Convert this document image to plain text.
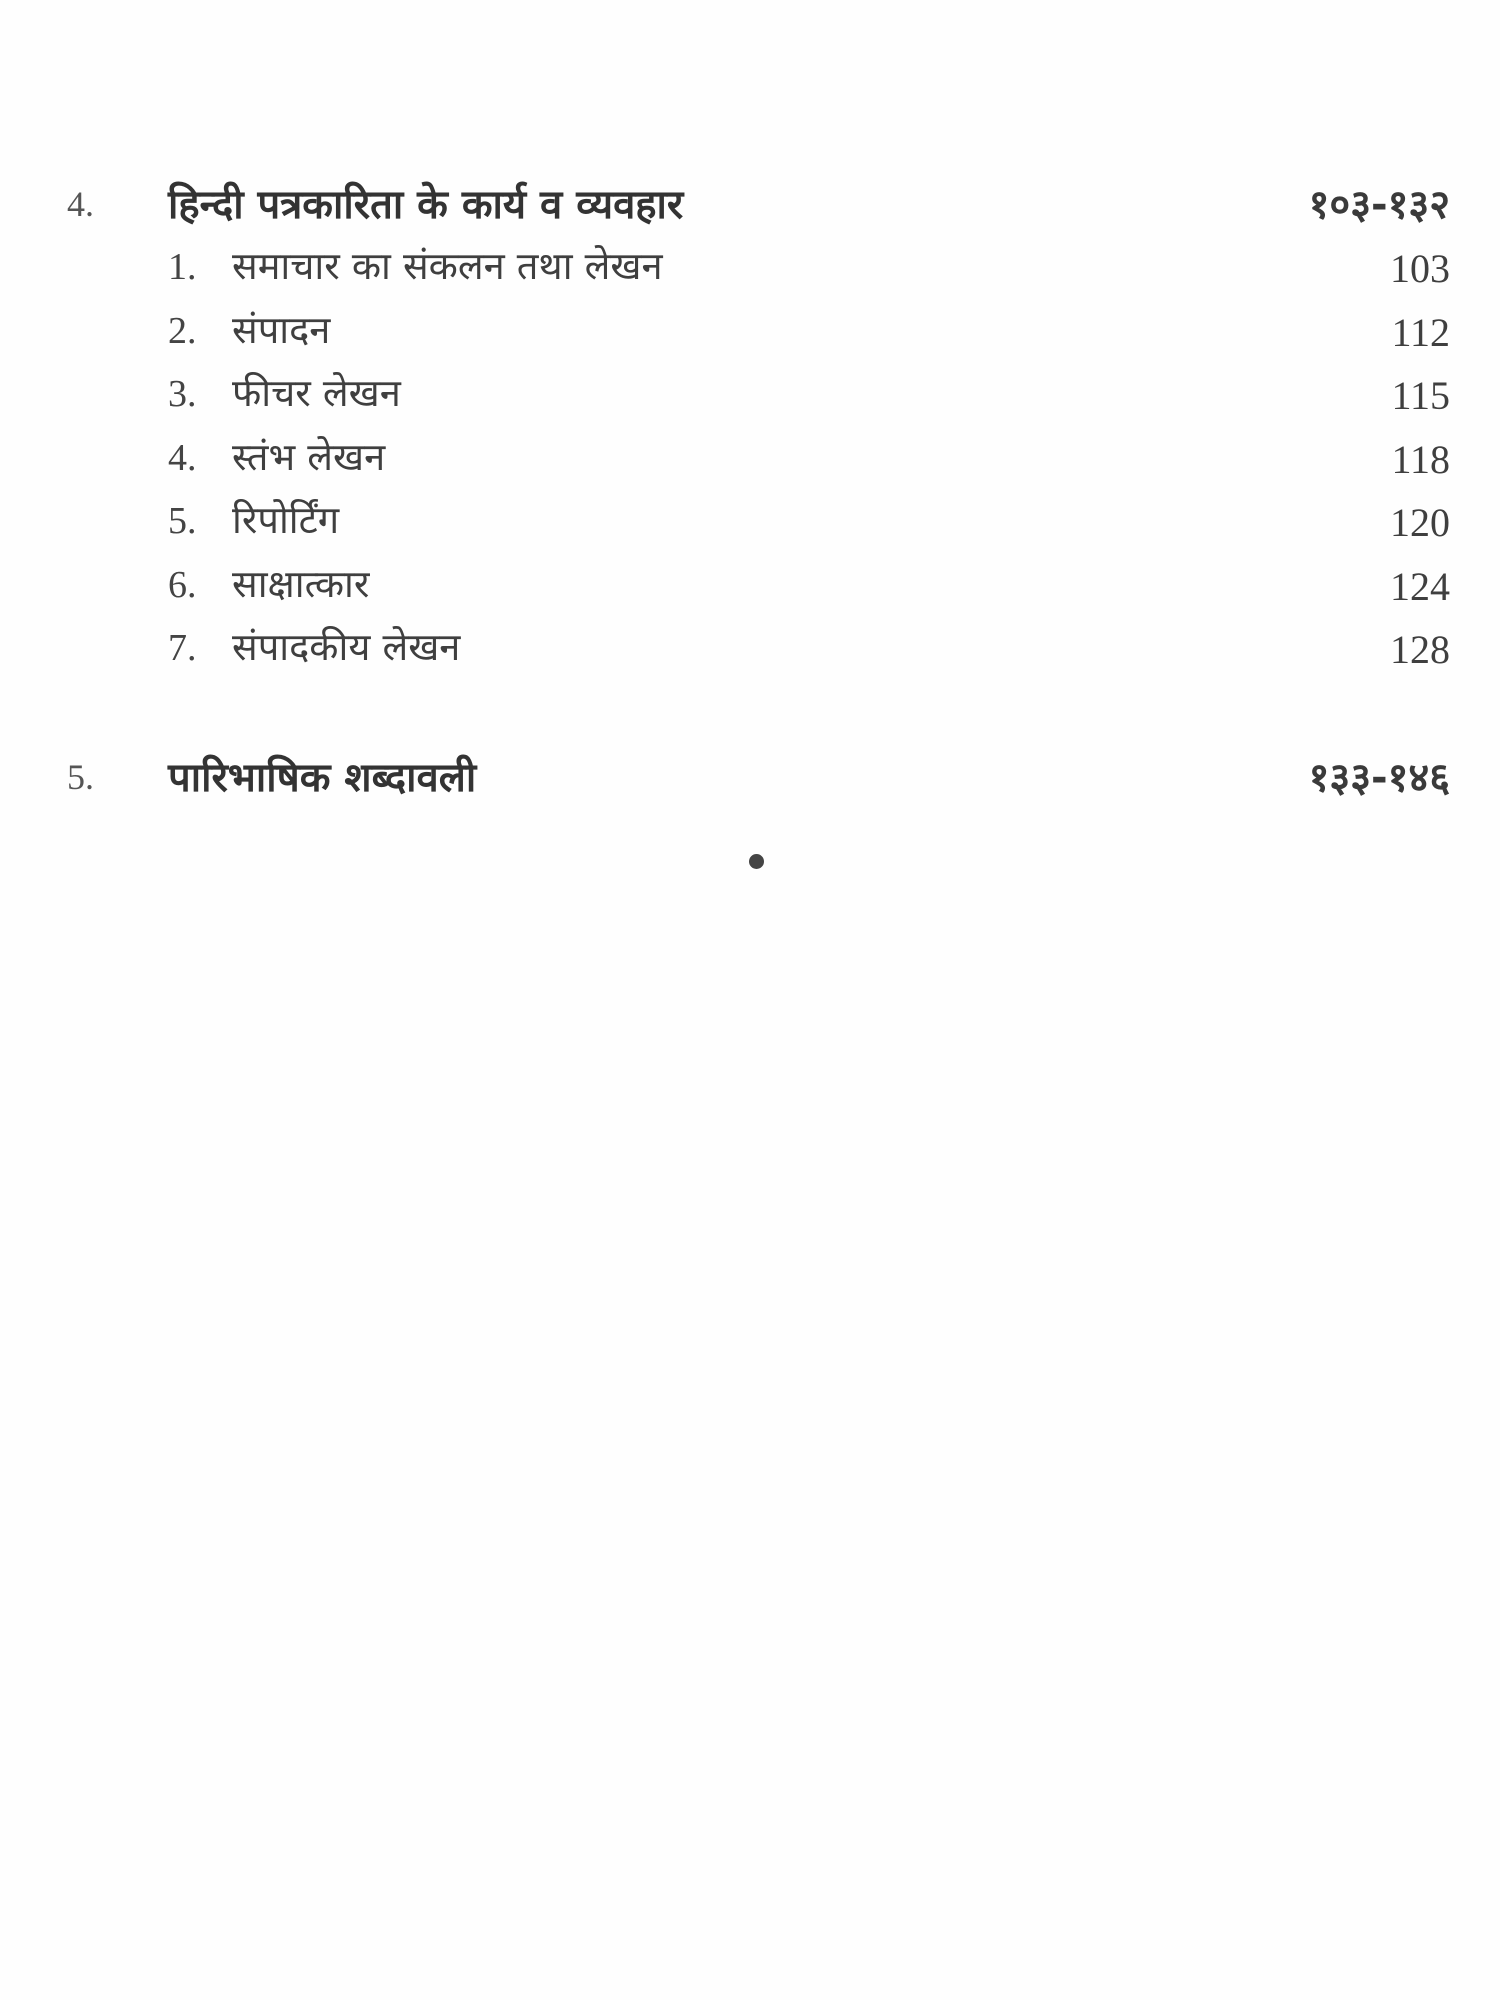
4. हिन्दी पत्रकारिता के कार्य व व्यवहार	१०३-१३२
1. समाचार का संकलन तथा लेखन	103
2. संपादन	112
3. फीचर लेखन	115
4. स्तंभ लेखन	118
5. रिपोर्टिंग	120
6. साक्षात्कार	124
7. संपादकीय लेखन	128
5. पारिभाषिक शब्दावली	१३३-१४६
